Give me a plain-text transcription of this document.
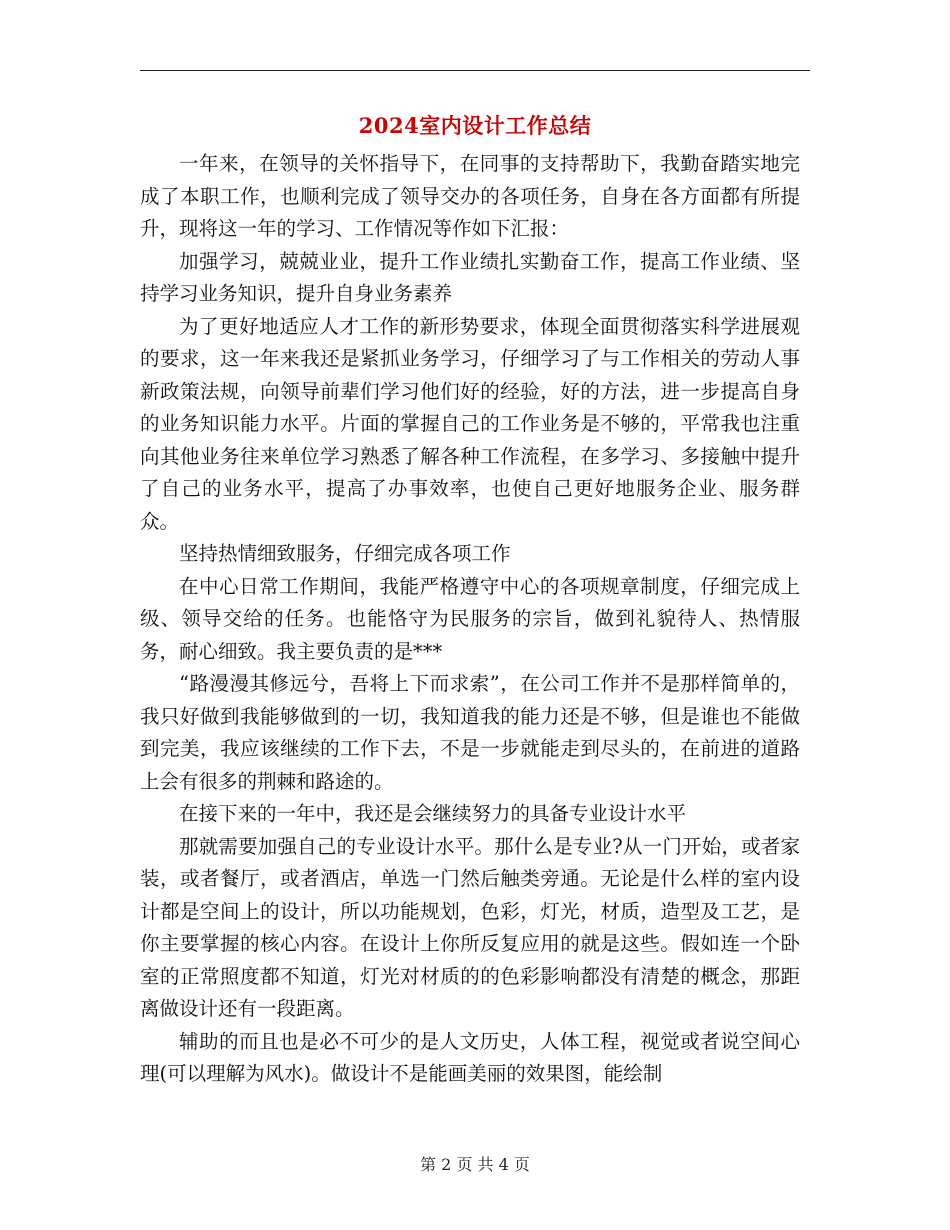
2024室内设计工作总结

一年来，在领导的关怀指导下，在同事的支持帮助下，我勤奋踏实地完成了本职工作，也顺利完成了领导交办的各项任务，自身在各方面都有所提升，现将这一年的学习、工作情况等作如下汇报：

加强学习，兢兢业业，提升工作业绩扎实勤奋工作，提高工作业绩、坚持学习业务知识，提升自身业务素养

为了更好地适应人才工作的新形势要求，体现全面贯彻落实科学进展观的要求，这一年来我还是紧抓业务学习，仔细学习了与工作相关的劳动人事新政策法规，向领导前辈们学习他们好的经验，好的方法，进一步提高自身的业务知识能力水平。片面的掌握自己的工作业务是不够的，平常我也注重向其他业务往来单位学习熟悉了解各种工作流程，在多学习、多接触中提升了自己的业务水平，提高了办事效率，也使自己更好地服务企业、服务群众。

坚持热情细致服务，仔细完成各项工作

在中心日常工作期间，我能严格遵守中心的各项规章制度，仔细完成上级、领导交给的任务。也能恪守为民服务的宗旨，做到礼貌待人、热情服务，耐心细致。我主要负责的是***

“路漫漫其修远兮，吾将上下而求索”，在公司工作并不是那样简单的，我只好做到我能够做到的一切，我知道我的能力还是不够，但是谁也不能做到完美，我应该继续的工作下去，不是一步就能走到尽头的，在前进的道路上会有很多的荆棘和路途的。

在接下来的一年中，我还是会继续努力的具备专业设计水平

那就需要加强自己的专业设计水平。那什么是专业?从一门开始，或者家装，或者餐厅，或者酒店，单选一门然后触类旁通。无论是什么样的室内设计都是空间上的设计，所以功能规划，色彩，灯光，材质，造型及工艺，是你主要掌握的核心内容。在设计上你所反复应用的就是这些。假如连一个卧室的正常照度都不知道，灯光对材质的的色彩影响都没有清楚的概念，那距离做设计还有一段距离。

辅助的而且也是必不可少的是人文历史，人体工程，视觉或者说空间心理(可以理解为风水)。做设计不是能画美丽的效果图，能绘制

第 2 页 共 4 页
